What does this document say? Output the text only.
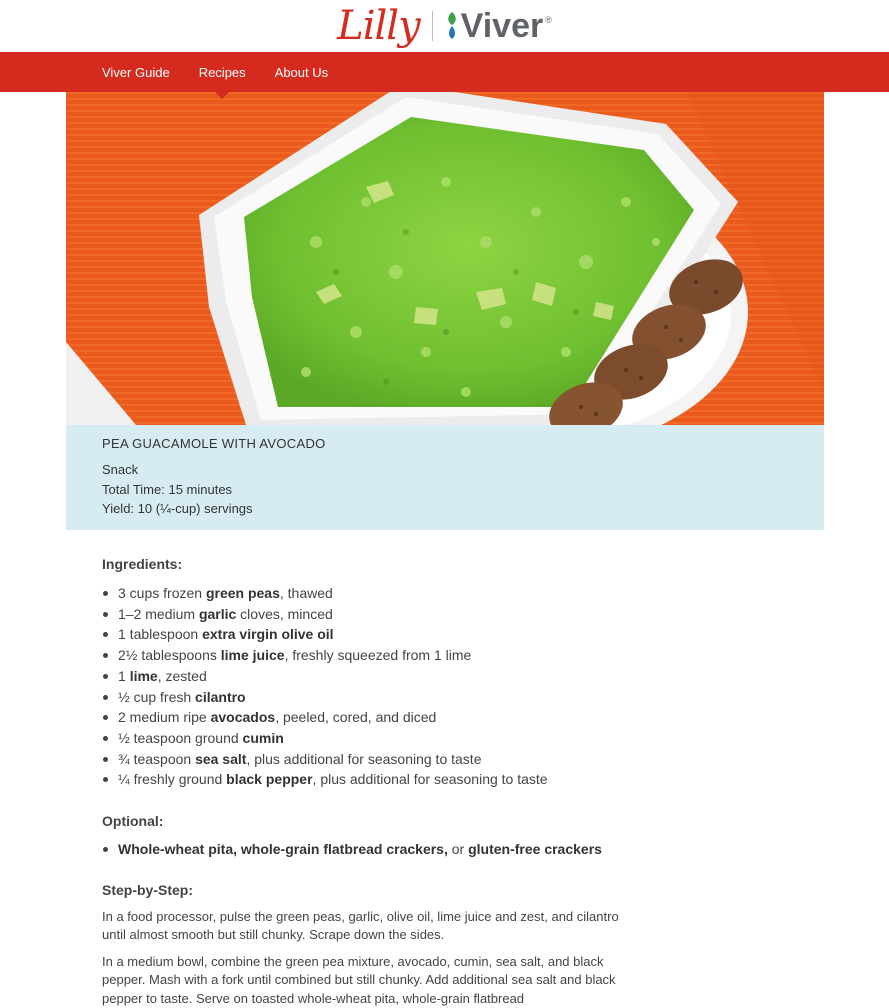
Lilly Viver ®
Viver Guide Recipes About Us
PEA GUACAMOLE WITH AVOCADO
Snack
Total Time: 15 minutes
Yield: 10 (¼-cup) servings
Ingredients:
3 cups frozen green peas, thawed
1–2 medium garlic cloves, minced
1 tablespoon extra virgin olive oil
2½ tablespoons lime juice, freshly squeezed from 1 lime
1 lime, zested
½ cup fresh cilantro
2 medium ripe avocados, peeled, cored, and diced
½ teaspoon ground cumin
¾ teaspoon sea salt, plus additional for seasoning to taste
¼ freshly ground black pepper, plus additional for seasoning to taste
Optional:
Whole-wheat pita, whole-grain flatbread crackers, or gluten-free crackers
Step-by-Step:

In a food processor, pulse the green peas, garlic, olive oil, lime juice and zest, and cilantro until almost smooth but still chunky. Scrape down the sides.

In a medium bowl, combine the green pea mixture, avocado, cumin, sea salt, and black pepper. Mash with a fork until combined but still chunky. Add additional sea salt and black pepper to taste. Serve on toasted whole-wheat pita, whole-grain flatbread
